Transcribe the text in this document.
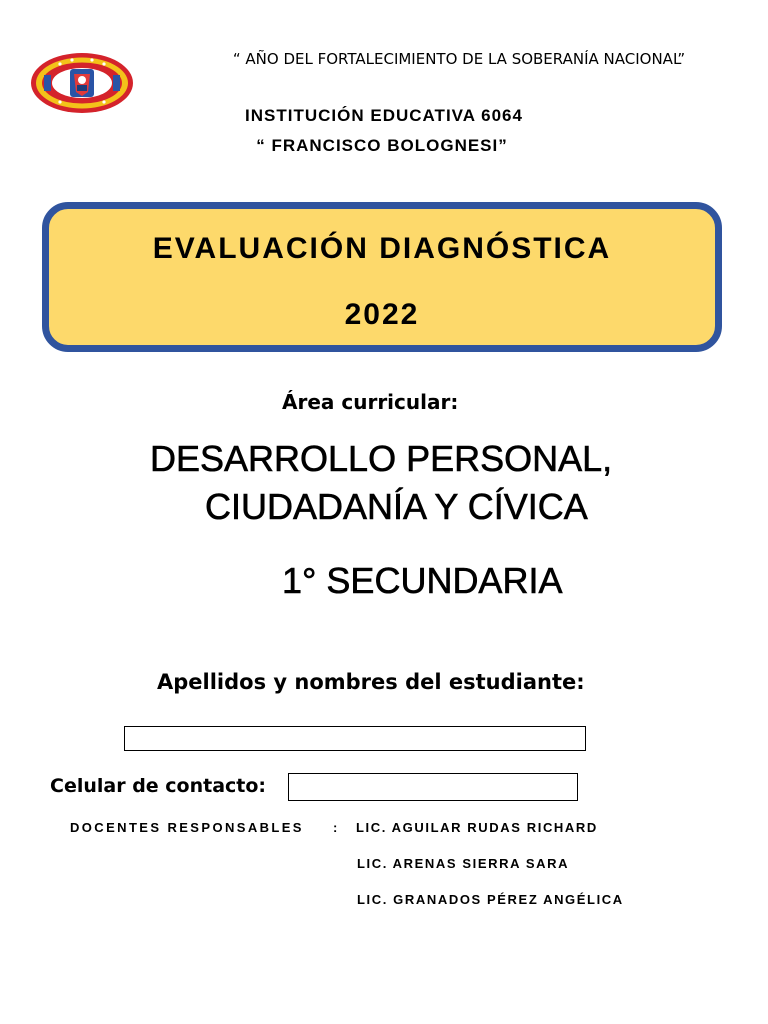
“ AÑO DEL FORTALECIMIENTO DE LA SOBERANÍA NACIONAL”
INSTITUCIÓN EDUCATIVA 6064
“ FRANCISCO BOLOGNESI”
EVALUACIÓN DIAGNÓSTICA
2022
Área curricular:
DESARROLLO PERSONAL,
CIUDADANÍA Y CÍVICA
1° SECUNDARIA
Apellidos y nombres del estudiante:
Celular de contacto:
DOCENTES RESPONSABLES : LIC. AGUILAR RUDAS RICHARD
LIC. ARENAS SIERRA SARA
LIC. GRANADOS PÉREZ ANGÉLICA
